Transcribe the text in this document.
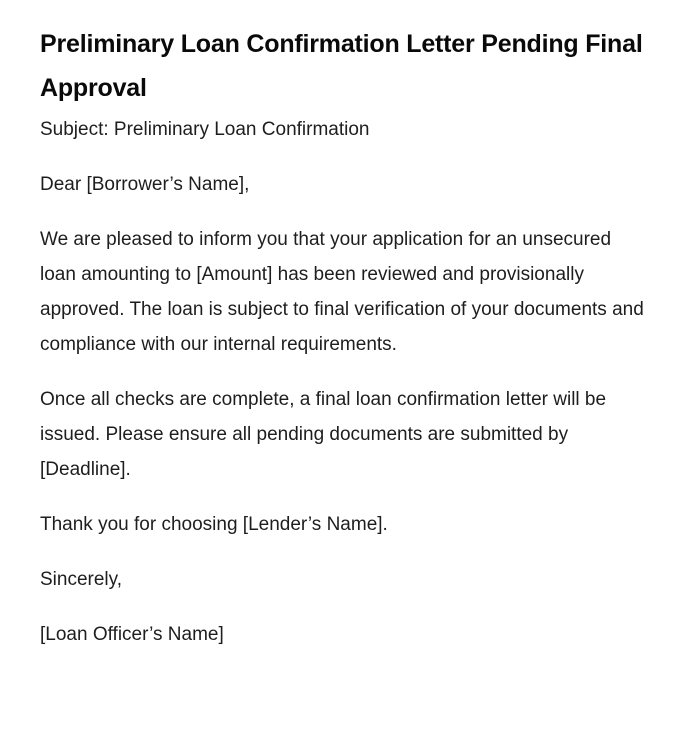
Preliminary Loan Confirmation Letter Pending Final Approval

Subject: Preliminary Loan Confirmation

Dear [Borrower’s Name],

We are pleased to inform you that your application for an unsecured loan amounting to [Amount] has been reviewed and provisionally approved. The loan is subject to final verification of your documents and compliance with our internal requirements.

Once all checks are complete, a final loan confirmation letter will be issued. Please ensure all pending documents are submitted by [Deadline].

Thank you for choosing [Lender’s Name].

Sincerely,

[Loan Officer’s Name]
